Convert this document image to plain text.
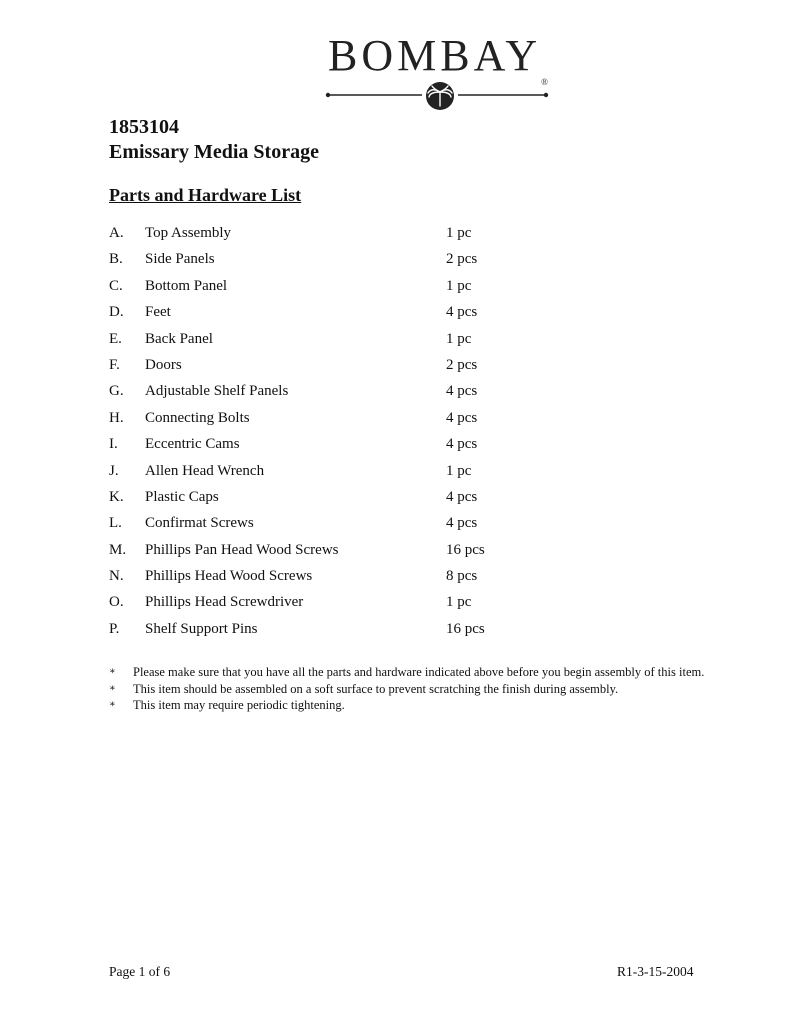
BOMBAY®
1853104
Emissary Media Storage
Parts and Hardware List
A. Top Assembly	1 pc
B. Side Panels	2 pcs
C. Bottom Panel	1 pc
D. Feet	4 pcs
E. Back Panel	1 pc
F. Doors	2 pcs
G. Adjustable Shelf Panels	4 pcs
H. Connecting Bolts	4 pcs
I. Eccentric Cams	4 pcs
J. Allen Head Wrench	1 pc
K. Plastic Caps	4 pcs
L. Confirmat Screws	4 pcs
M. Phillips Pan Head Wood Screws	16 pcs
N. Phillips Head Wood Screws	8 pcs
O. Phillips Head Screwdriver	1 pc
P. Shelf Support Pins	16 pcs
∗ Please make sure that you have all the parts and hardware indicated above before you begin assembly of this item.
∗ This item should be assembled on a soft surface to prevent scratching the finish during assembly.
∗ This item may require periodic tightening.
Page 1 of 6	R1-3-15-2004
